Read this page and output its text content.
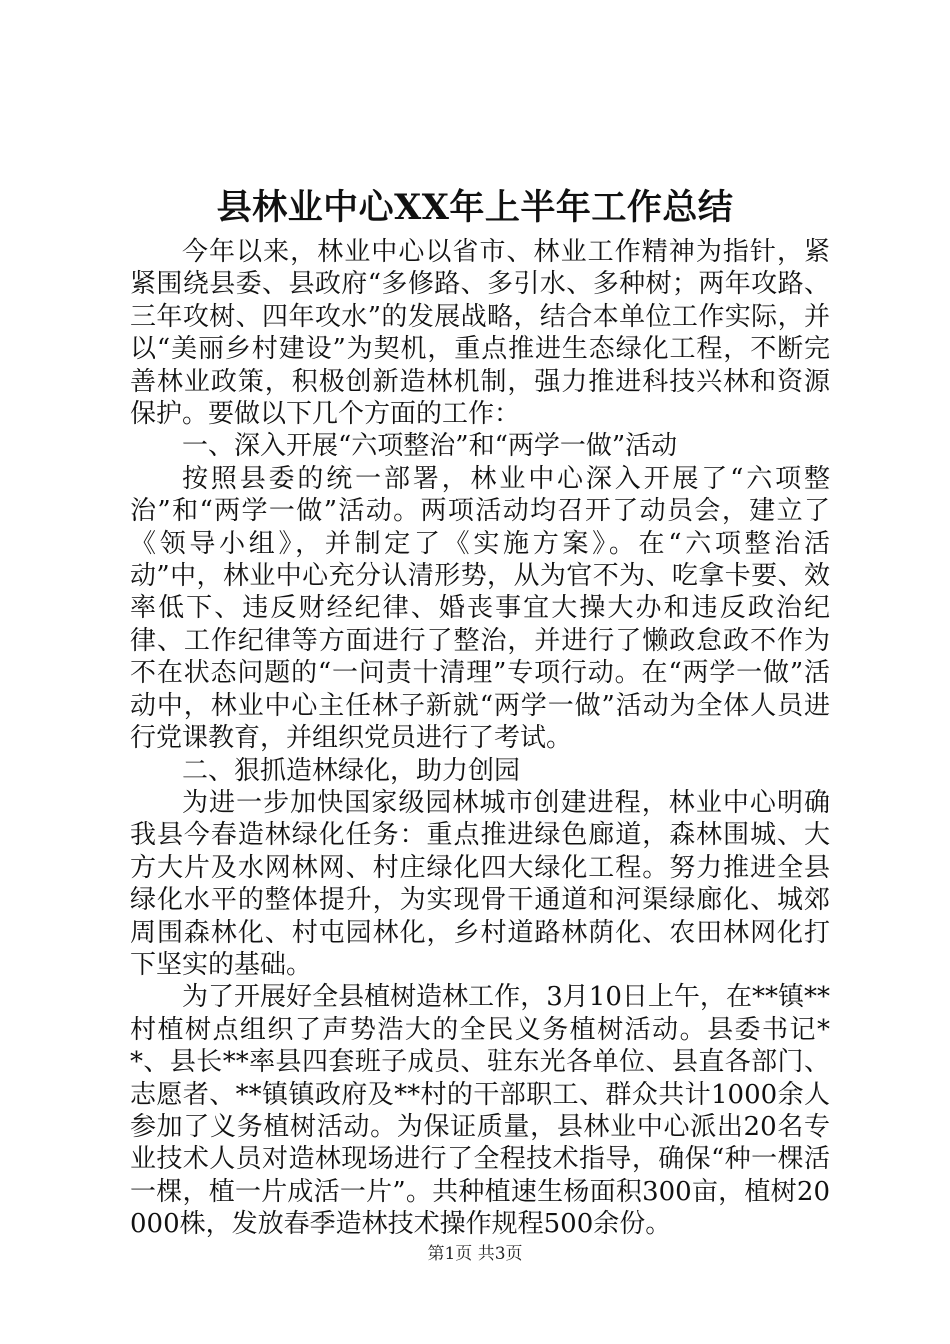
县林业中心XX年上半年工作总结

今年以来，林业中心以省市、林业工作精神为指针，紧紧围绕县委、县政府“多修路、多引水、多种树；两年攻路、三年攻树、四年攻水”的发展战略，结合本单位工作实际，并以“美丽乡村建设”为契机，重点推进生态绿化工程，不断完善林业政策，积极创新造林机制，强力推进科技兴林和资源保护。要做以下几个方面的工作：

一、深入开展“六项整治”和“两学一做”活动

按照县委的统一部署，林业中心深入开展了“六项整治”和“两学一做”活动。两项活动均召开了动员会，建立了《领导小组》，并制定了《实施方案》。在“六项整治活动”中，林业中心充分认清形势，从为官不为、吃拿卡要、效率低下、违反财经纪律、婚丧事宜大操大办和违反政治纪律、工作纪律等方面进行了整治，并进行了懒政怠政不作为不在状态问题的“一问责十清理”专项行动。在“两学一做”活动中，林业中心主任林子新就“两学一做”活动为全体人员进行党课教育，并组织党员进行了考试。

二、狠抓造林绿化，助力创园

为进一步加快国家级园林城市创建进程，林业中心明确我县今春造林绿化任务：重点推进绿色廊道，森林围城、大方大片及水网林网、村庄绿化四大绿化工程。努力推进全县绿化水平的整体提升，为实现骨干通道和河渠绿廊化、城郊周围森林化、村屯园林化，乡村道路林荫化、农田林网化打下坚实的基础。

为了开展好全县植树造林工作，3月10日上午，在**镇**村植树点组织了声势浩大的全民义务植树活动。县委书记**、县长**率县四套班子成员、驻东光各单位、县直各部门、志愿者、**镇镇政府及**村的干部职工、群众共计1000余人参加了义务植树活动。为保证质量，县林业中心派出20名专业技术人员对造林现场进行了全程技术指导，确保“种一棵活一棵，植一片成活一片”。共种植速生杨面积300亩，植树20000株，发放春季造林技术操作规程500余份。

第1页 共3页
